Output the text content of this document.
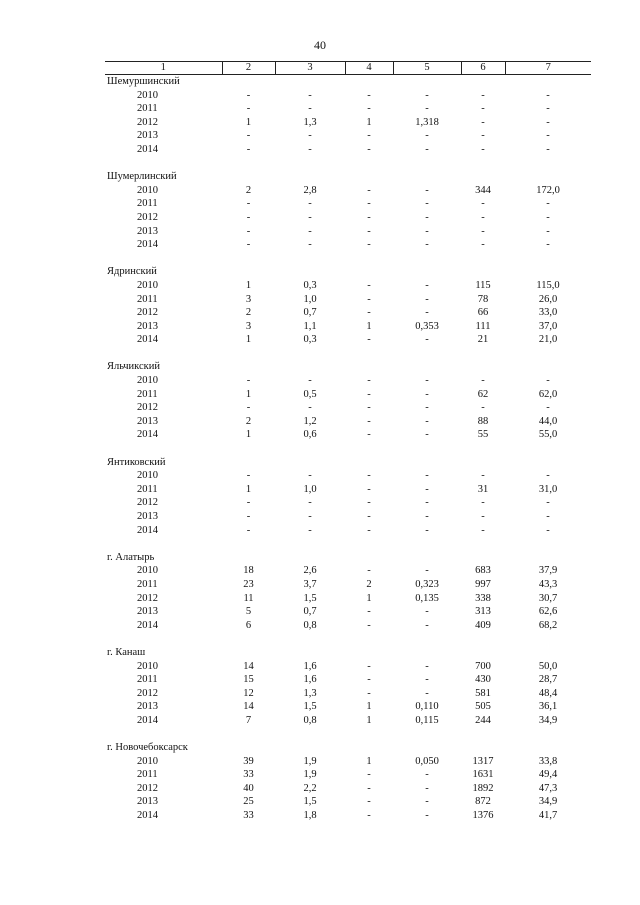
40
1	2	3	4	5	6	7
Шемуршинский						
2010	-	-	-	-	-	-
2011	-	-	-	-	-	-
2012	1	1,3	1	1,318	-	-
2013	-	-	-	-	-	-
2014	-	-	-	-	-	-

Шумерлинский						
2010	2	2,8	-	-	344	172,0
2011	-	-	-	-	-	-
2012	-	-	-	-	-	-
2013	-	-	-	-	-	-
2014	-	-	-	-	-	-

Ядринский						
2010	1	0,3	-	-	115	115,0
2011	3	1,0	-	-	78	26,0
2012	2	0,7	-	-	66	33,0
2013	3	1,1	1	0,353	111	37,0
2014	1	0,3	-	-	21	21,0

Яльчикский						
2010	-	-	-	-	-	-
2011	1	0,5	-	-	62	62,0
2012	-	-	-	-	-	-
2013	2	1,2	-	-	88	44,0
2014	1	0,6	-	-	55	55,0

Янтиковский						
2010	-	-	-	-	-	-
2011	1	1,0	-	-	31	31,0
2012	-	-	-	-	-	-
2013	-	-	-	-	-	-
2014	-	-	-	-	-	-

г. Алатырь						
2010	18	2,6	-	-	683	37,9
2011	23	3,7	2	0,323	997	43,3
2012	11	1,5	1	0,135	338	30,7
2013	5	0,7	-	-	313	62,6
2014	6	0,8	-	-	409	68,2

г. Канаш						
2010	14	1,6	-	-	700	50,0
2011	15	1,6	-	-	430	28,7
2012	12	1,3	-	-	581	48,4
2013	14	1,5	1	0,110	505	36,1
2014	7	0,8	1	0,115	244	34,9

г. Новочебоксарск						
2010	39	1,9	1	0,050	1317	33,8
2011	33	1,9	-	-	1631	49,4
2012	40	2,2	-	-	1892	47,3
2013	25	1,5	-	-	872	34,9
2014	33	1,8	-	-	1376	41,7
